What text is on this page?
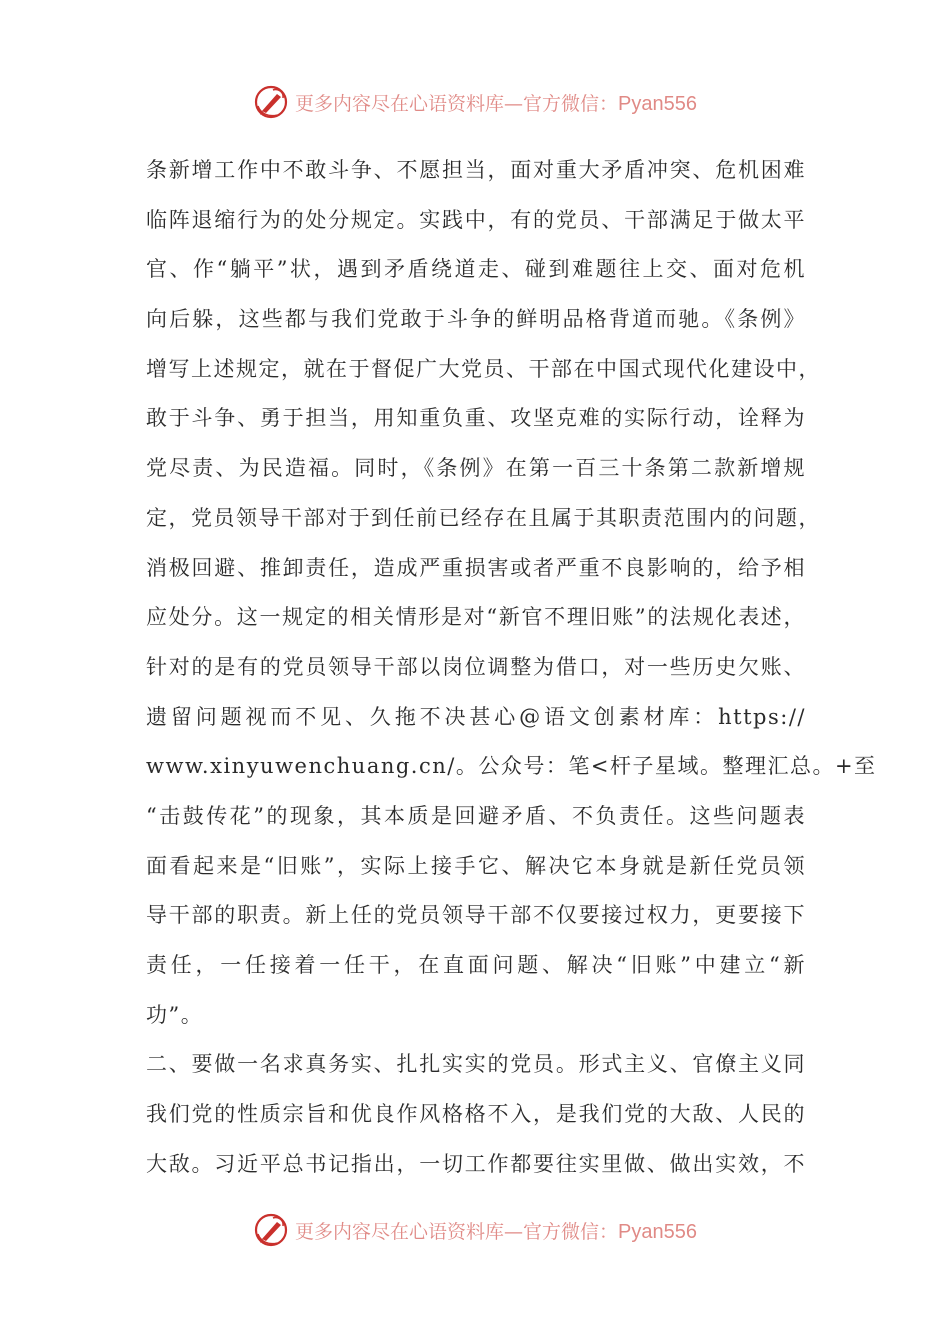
更多内容尽在心语资料库—官方微信：Pyan556
条新增工作中不敢斗争、不愿担当，面对重大矛盾冲突、危机困难
临阵退缩行为的处分规定。实践中，有的党员、干部满足于做太平
官、作“躺平”状，遇到矛盾绕道走、碰到难题往上交、面对危机
向后躲，这些都与我们党敢于斗争的鲜明品格背道而驰。《条例》
增写上述规定，就在于督促广大党员、干部在中国式现代化建设中，
敢于斗争、勇于担当，用知重负重、攻坚克难的实际行动，诠释为
党尽责、为民造福。同时，《条例》在第一百三十条第二款新增规
定，党员领导干部对于到任前已经存在且属于其职责范围内的问题，
消极回避、推卸责任，造成严重损害或者严重不良影响的，给予相
应处分。这一规定的相关情形是对“新官不理旧账”的法规化表述，
针对的是有的党员领导干部以岗位调整为借口，对一些历史欠账、
遗留问题视而不见、久拖不决甚心@语文创素材库：https://
www.xinyuwenchuang.cn/。公众号：笔<杆子星域。整理汇总。+至
“击鼓传花”的现象，其本质是回避矛盾、不负责任。这些问题表
面看起来是“旧账”，实际上接手它、解决它本身就是新任党员领
导干部的职责。新上任的党员领导干部不仅要接过权力，更要接下
责任，一任接着一任干，在直面问题、解决“旧账”中建立“新
功”。
二、要做一名求真务实、扎扎实实的党员。形式主义、官僚主义同
我们党的性质宗旨和优良作风格格不入，是我们党的大敌、人民的
大敌。习近平总书记指出，一切工作都要往实里做、做出实效，不
更多内容尽在心语资料库—官方微信：Pyan556
